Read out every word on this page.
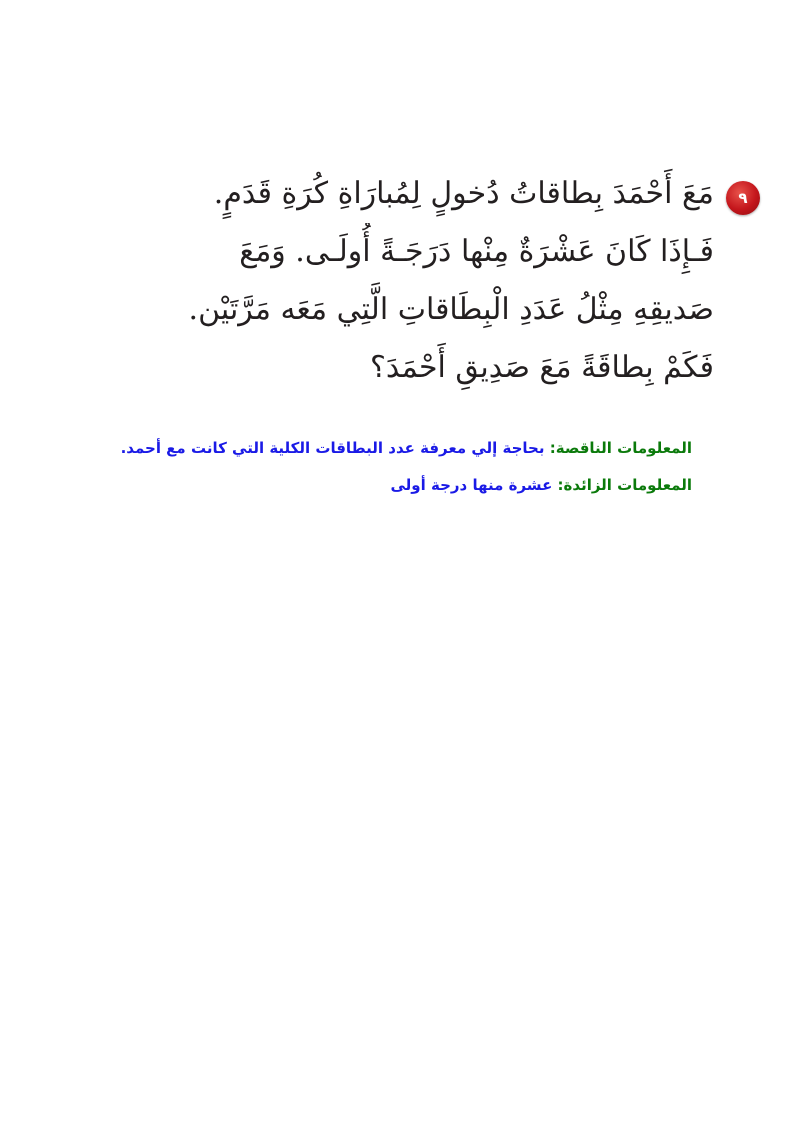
٩
مَعَ أَحْمَدَ بِطاقاتُ دُخولٍ لِمُبارَاةِ كُرَةِ قَدَمٍ.
فَـإِذَا كَانَ عَشْرَةٌ مِنْها دَرَجَـةً أُولَـى. وَمَعَ
صَديقِهِ مِثْلُ عَدَدِ الْبِطَاقاتِ الَّتِي مَعَه مَرَّتَيْن.
فَكَمْ بِطاقَةً مَعَ صَدِيقِ أَحْمَدَ؟
المعلومات الناقصة: بحاجة إلي معرفة عدد البطاقات الكلية التي كانت مع أحمد.
المعلومات الزائدة: عشرة منها درجة أولى
